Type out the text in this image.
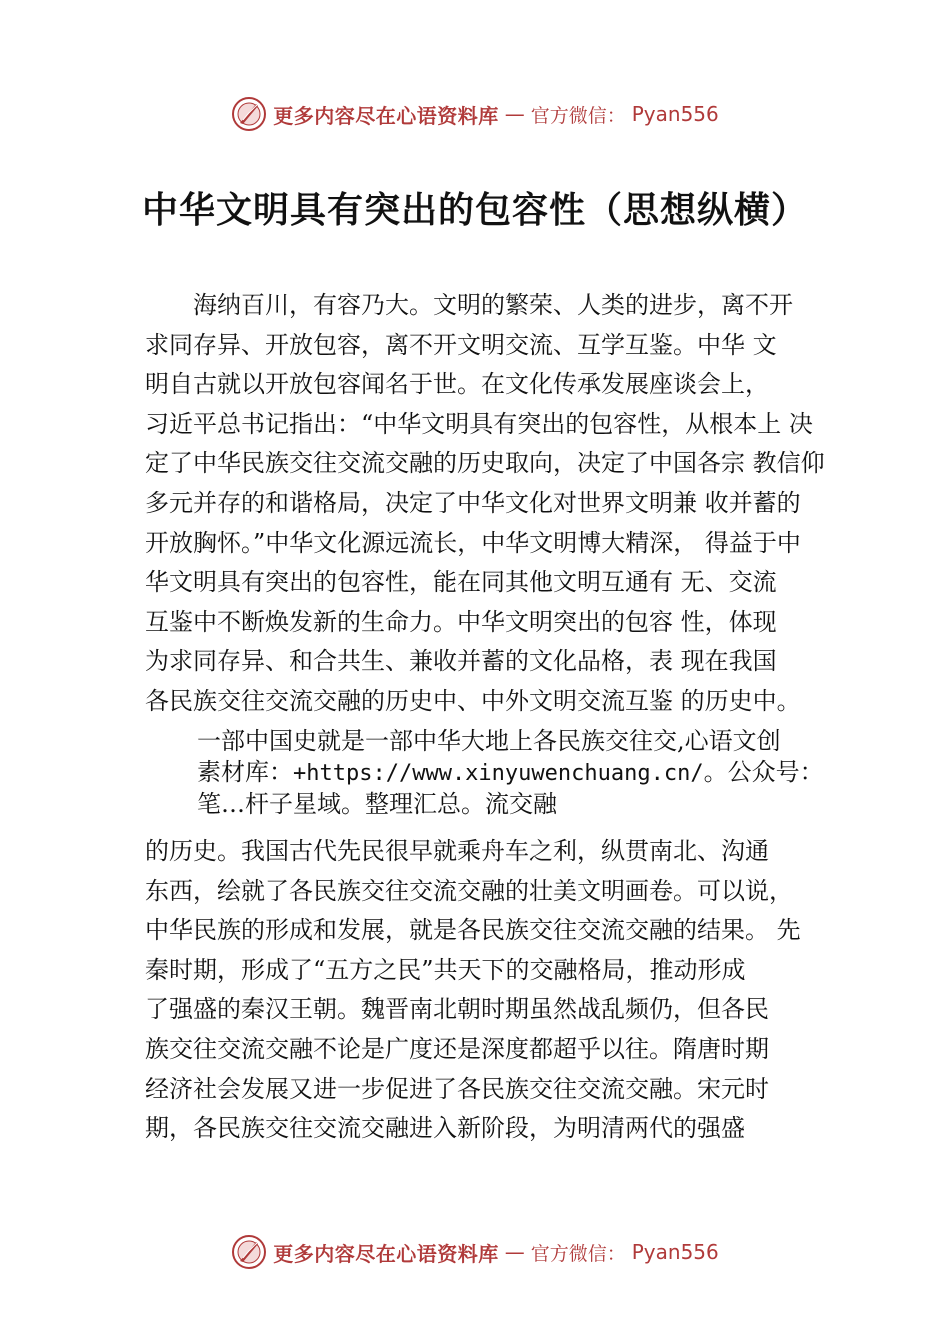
更多内容尽在心语资料库 — 官方微信： Pyan556
中华文明具有突出的包容性（思想纵横）
　　海纳百川，有容乃大。文明的繁荣、人类的进步，离不开
求同存异、开放包容，离不开文明交流、互学互鉴。中华 文
明自古就以开放包容闻名于世。在文化传承发展座谈会上，
习近平总书记指出：“中华文明具有突出的包容性，从根本上 决
定了中华民族交往交流交融的历史取向，决定了中国各宗 教信仰
多元并存的和谐格局，决定了中华文化对世界文明兼 收并蓄的
开放胸怀。”中华文化源远流长，中华文明博大精深， 得益于中
华文明具有突出的包容性，能在同其他文明互通有 无、交流
互鉴中不断焕发新的生命力。中华文明突出的包容 性，体现
为求同存异、和合共生、兼收并蓄的文化品格，表 现在我国
各民族交往交流交融的历史中、中外文明交流互鉴 的历史中。
一部中国史就是一部中华大地上各民族交往交,心语文创
素材库：+https://www.xinyuwenchuang.cn/。公众号：
笔…杆子星域。整理汇总。流交融
的历史。我国古代先民很早就乘舟车之利，纵贯南北、沟通
东西，绘就了各民族交往交流交融的壮美文明画卷。可以说，
中华民族的形成和发展，就是各民族交往交流交融的结果。 先
秦时期，形成了“五方之民”共天下的交融格局，推动形成
了强盛的秦汉王朝。魏晋南北朝时期虽然战乱频仍，但各民
族交往交流交融不论是广度还是深度都超乎以往。隋唐时期
经济社会发展又进一步促进了各民族交往交流交融。宋元时
期，各民族交往交流交融进入新阶段，为明清两代的强盛
更多内容尽在心语资料库 — 官方微信： Pyan556
